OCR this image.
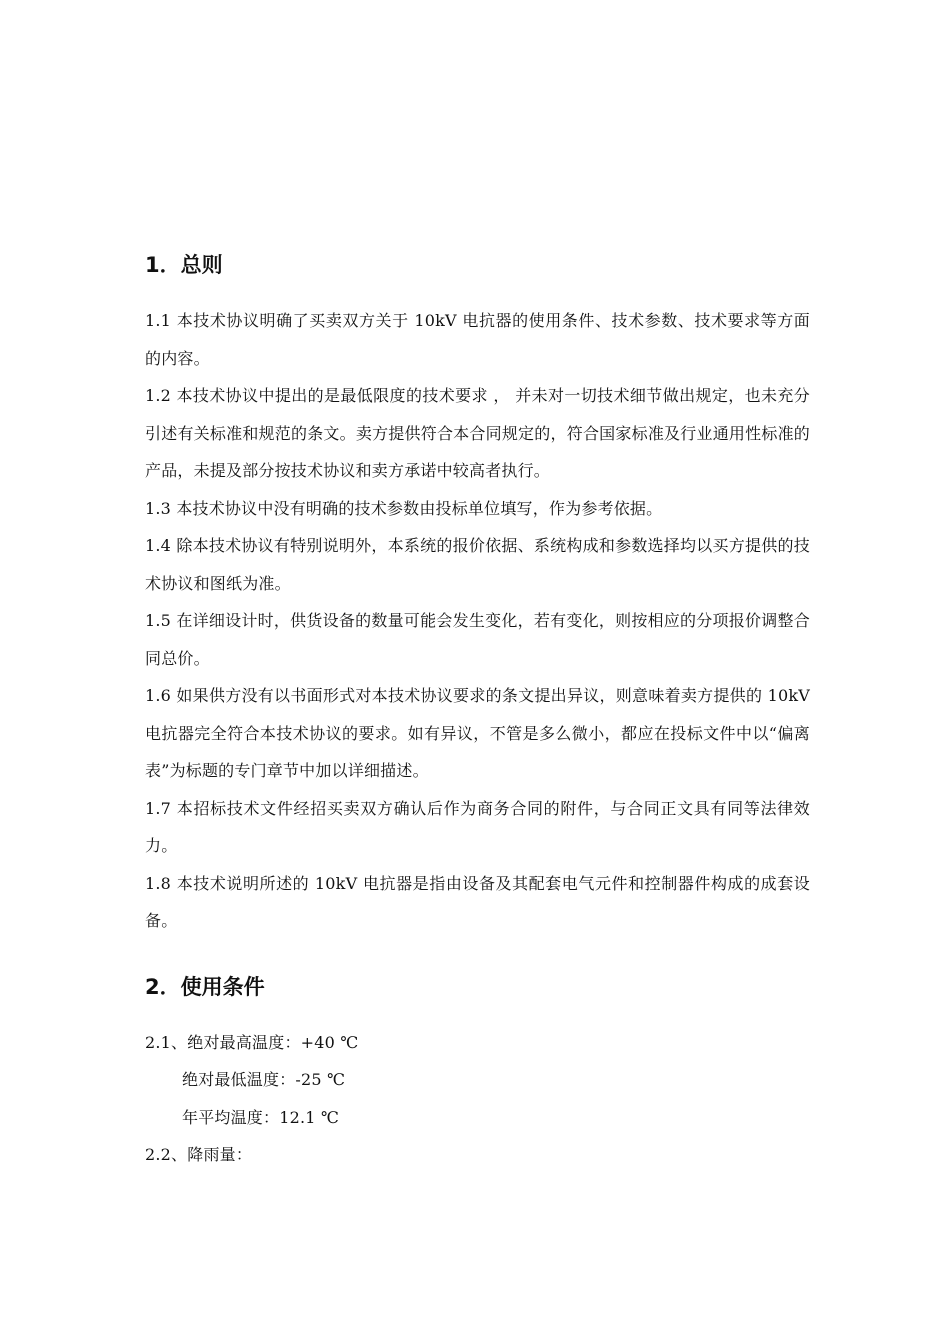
1．总则

1.1 本技术协议明确了买卖双方关于 10kV 电抗器的使用条件、技术参数、技术要求等方面的内容。

1.2 本技术协议中提出的是最低限度的技术要求 ， 并未对一切技术细节做出规定，也未充分引述有关标准和规范的条文。卖方提供符合本合同规定的，符合国家标准及行业通用性标准的产品，未提及部分按技术协议和卖方承诺中较高者执行。

1.3 本技术协议中没有明确的技术参数由投标单位填写，作为参考依据。

1.4 除本技术协议有特别说明外，本系统的报价依据、系统构成和参数选择均以买方提供的技术协议和图纸为准。

1.5 在详细设计时，供货设备的数量可能会发生变化，若有变化，则按相应的分项报价调整合同总价。

1.6 如果供方没有以书面形式对本技术协议要求的条文提出异议，则意味着卖方提供的 10kV 电抗器完全符合本技术协议的要求。如有异议，不管是多么微小，都应在投标文件中以“偏离表”为标题的专门章节中加以详细描述。

1.7 本招标技术文件经招买卖双方确认后作为商务合同的附件，与合同正文具有同等法律效力。

1.8 本技术说明所述的 10kV 电抗器是指由设备及其配套电气元件和控制器件构成的成套设备。

2．使用条件

2.1、绝对最高温度：+40 ℃

绝对最低温度：-25 ℃

年平均温度：12.1 ℃

2.2、降雨量：
